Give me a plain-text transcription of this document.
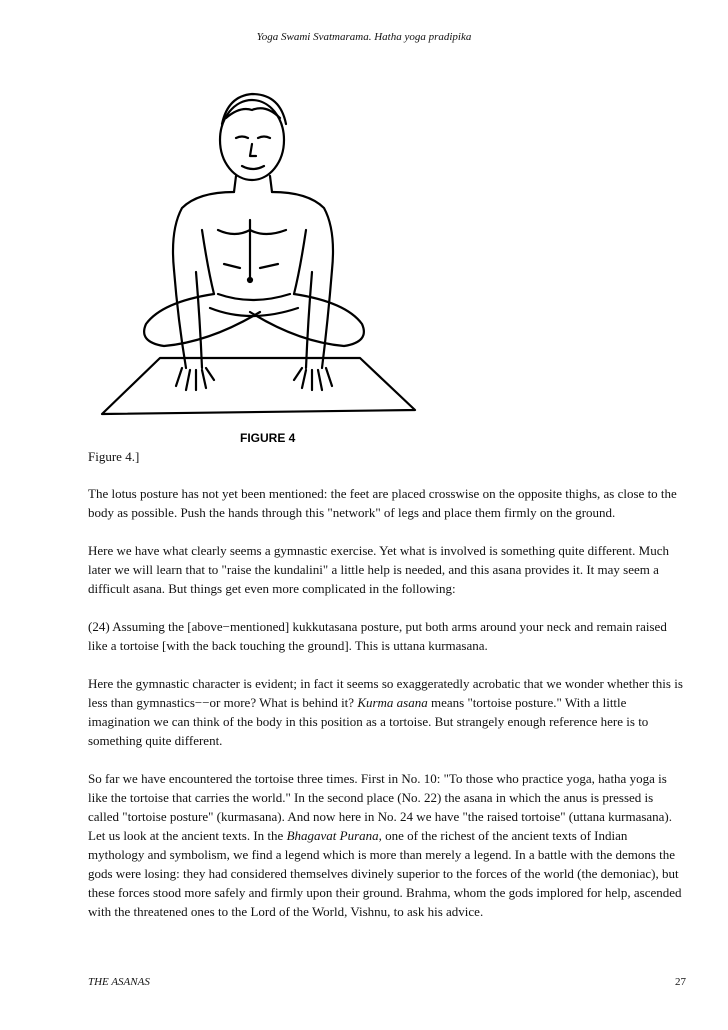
Yoga Swami Svatmarama. Hatha yoga pradipika
FIGURE 4
Figure 4.]

The lotus posture has not yet been mentioned: the feet are placed crosswise on the opposite thighs, as close to the body as possible. Push the hands through this "network" of legs and place them firmly on the ground.

Here we have what clearly seems a gymnastic exercise. Yet what is involved is something quite different. Much later we will learn that to "raise the kundalini" a little help is needed, and this asana provides it. It may seem a difficult asana. But things get even more complicated in the following:

(24) Assuming the [above−mentioned] kukkutasana posture, put both arms around your neck and remain raised like a tortoise [with the back touching the ground]. This is uttana kurmasana.

Here the gymnastic character is evident; in fact it seems so exaggeratedly acrobatic that we wonder whether this is less than gymnastics−−or more? What is behind it? Kurma asana means "tortoise posture." With a little imagination we can think of the body in this position as a tortoise. But strangely enough reference here is to something quite different.

So far we have encountered the tortoise three times. First in No. 10: "To those who practice yoga, hatha yoga is like the tortoise that carries the world." In the second place (No. 22) the asana in which the anus is pressed is called "tortoise posture" (kurmasana). And now here in No. 24 we have "the raised tortoise" (uttana kurmasana). Let us look at the ancient texts. In the Bhagavat Purana, one of the richest of the ancient texts of Indian mythology and symbolism, we find a legend which is more than merely a legend. In a battle with the demons the gods were losing: they had considered themselves divinely superior to the forces of the world (the demoniac), but these forces stood more safely and firmly upon their ground. Brahma, whom the gods implored for help, ascended with the threatened ones to the Lord of the World, Vishnu, to ask his advice.

THE ASANAS	27
